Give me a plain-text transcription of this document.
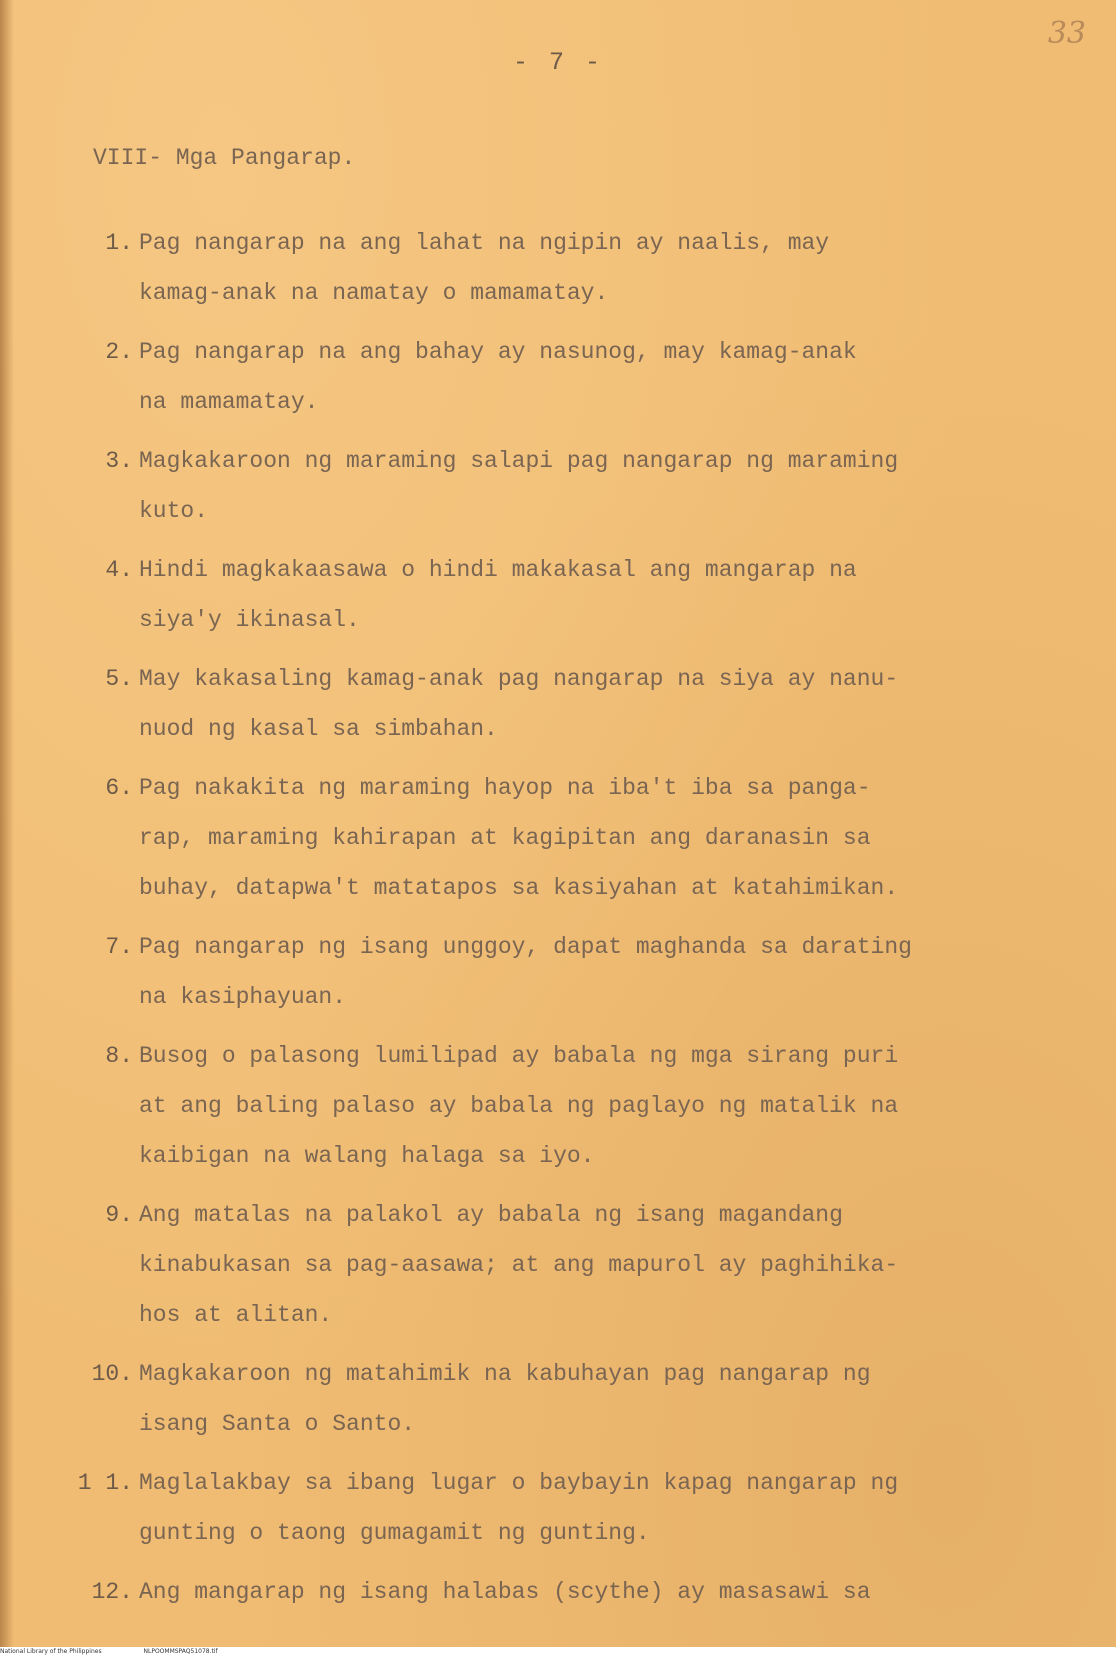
33
- 7 -
VIII- Mga Pangarap.
1. Pag nangarap na ang lahat na ngipin ay naalis, may
kamag-anak na namatay o mamamatay.
2. Pag nangarap na ang bahay ay nasunog, may kamag-anak
na mamamatay.
3. Magkakaroon ng maraming salapi pag nangarap ng maraming
kuto.
4. Hindi magkakaasawa o hindi makakasal ang mangarap na
siya'y ikinasal.
5. May kakasaling kamag-anak pag nangarap na siya ay nanu-
nuod ng kasal sa simbahan.
6. Pag nakakita ng maraming hayop na iba't iba sa panga-
rap, maraming kahirapan at kagipitan ang daranasin sa
buhay, datapwa't matatapos sa kasiyahan at katahimikan.
7. Pag nangarap ng isang unggoy, dapat maghanda sa darating
na kasiphayuan.
8. Busog o palasong lumilipad ay babala ng mga sirang puri
at ang baling palaso ay babala ng paglayo ng matalik na
kaibigan na walang halaga sa iyo.
9. Ang matalas na palakol ay babala ng isang magandang
kinabukasan sa pag-aasawa; at ang mapurol ay paghihika-
hos at alitan.
10. Magkakaroon ng matahimik na kabuhayan pag nangarap ng
isang Santa o Santo.
1 1. Maglalakbay sa ibang lugar o baybayin kapag nangarap ng
gunting o taong gumagamit ng gunting.
12. Ang mangarap ng isang halabas (scythe) ay masasawi sa
National Library of the Philippines	NLPOOMMSPAQ51078.tif
